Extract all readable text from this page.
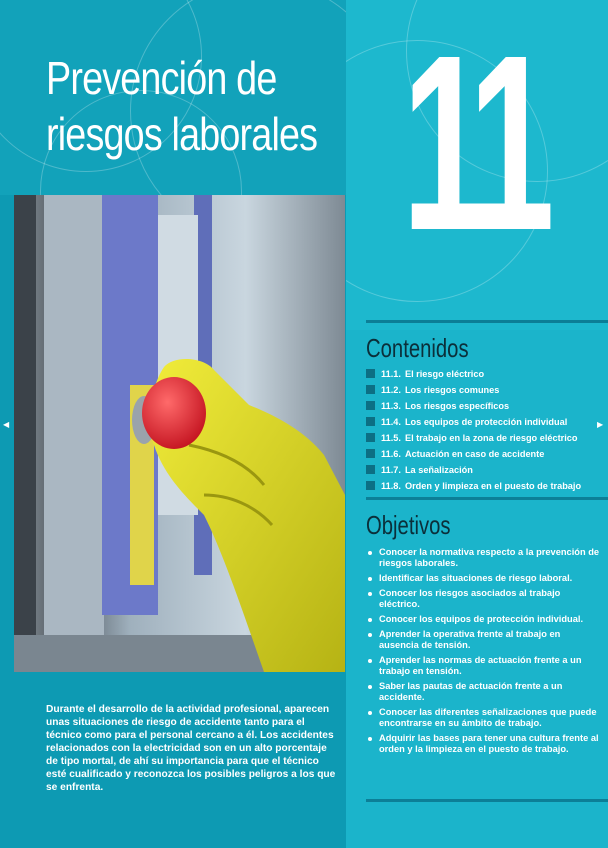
Prevención de
riesgos laborales

Durante el desarrollo de la actividad profesional, aparecen unas situaciones de riesgo de accidente tanto para el técnico como para el personal cercano a él. Los accidentes relacionados con la electricidad son en un alto porcentaje de tipo mortal, de ahí su importancia para que el técnico esté cualificado y reconozca los posibles peligros a los que se enfrenta.

11
Contenidos
11.1. El riesgo eléctrico
11.2. Los riesgos comunes
11.3. Los riesgos específicos
11.4. Los equipos de protección individual
11.5. El trabajo en la zona de riesgo eléctrico
11.6. Actuación en caso de accidente
11.7. La señalización
11.8. Orden y limpieza en el puesto de trabajo
Objetivos
Conocer la normativa respecto a la prevención de riesgos laborales.
Identificar las situaciones de riesgo laboral.
Conocer los riesgos asociados al trabajo eléctrico.
Conocer los equipos de protección individual.
Aprender la operativa frente al trabajo en ausencia de tensión.
Aprender las normas de actuación frente a un trabajo en tensión.
Saber las pautas de actuación frente a un accidente.
Conocer las diferentes señalizaciones que puede encontrarse en su ámbito de trabajo.
Adquirir las bases para tener una cultura frente al orden y la limpieza en el puesto de trabajo.
◀	▶
